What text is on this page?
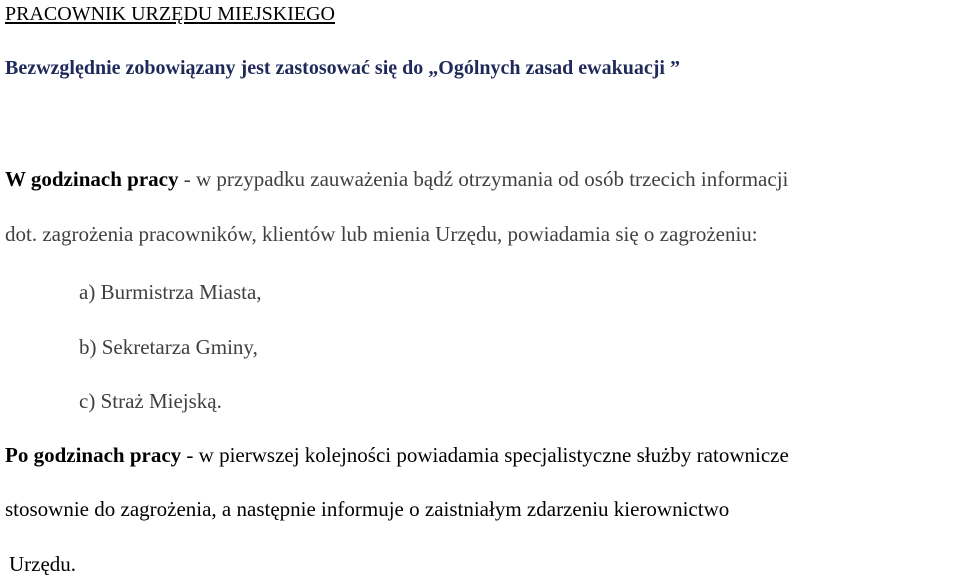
PRACOWNIK URZĘDU MIEJSKIEGO
Bezwzględnie zobowiązany jest zastosować się do „Ogólnych zasad ewakuacji ”
W godzinach pracy - w przypadku zauważenia bądź otrzymania od osób trzecich informacji
dot. zagrożenia pracowników, klientów lub mienia Urzędu, powiadamia się o zagrożeniu:
a) Burmistrza Miasta,
b) Sekretarza Gminy,
c) Straż Miejską.
Po godzinach pracy - w pierwszej kolejności powiadamia specjalistyczne służby ratownicze
stosownie do zagrożenia, a następnie informuje o zaistniałym zdarzeniu kierownictwo
Urzędu.
